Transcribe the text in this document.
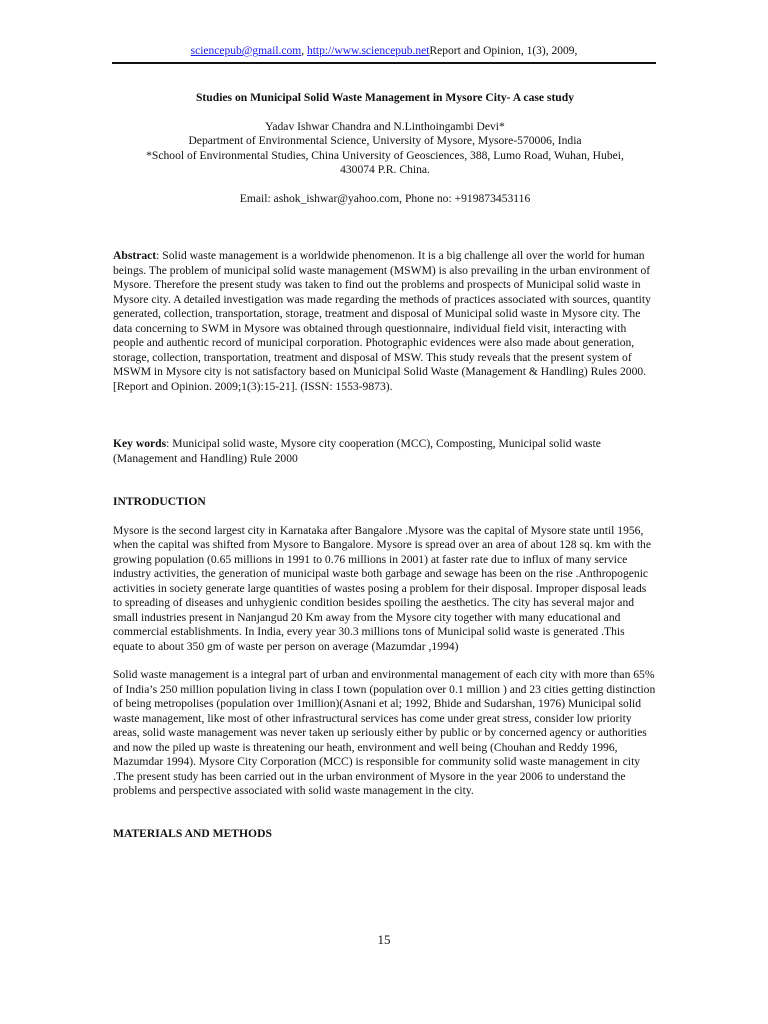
sciencepub@gmail.com, http://www.sciencepub.netReport and Opinion, 1(3), 2009,

Studies on Municipal Solid Waste Management in Mysore City- A case study

Yadav Ishwar Chandra and N.Linthoingambi Devi*
Department of Environmental Science, University of Mysore, Mysore-570006, India
*School of Environmental Studies, China University of Geosciences, 388, Lumo Road, Wuhan, Hubei,
430074 P.R. China.
Email: ashok_ishwar@yahoo.com, Phone no: +919873453116

Abstract: Solid waste management is a worldwide phenomenon. It is a big challenge all over the world for human beings. The problem of municipal solid waste management (MSWM) is also prevailing in the urban environment of Mysore. Therefore the present study was taken to find out the problems and prospects of Municipal solid waste in Mysore city. A detailed investigation was made regarding the methods of practices associated with sources, quantity generated, collection, transportation, storage, treatment and disposal of Municipal solid waste in Mysore city. The data concerning to SWM in Mysore was obtained through questionnaire, individual field visit, interacting with people and authentic record of municipal corporation. Photographic evidences were also made about generation, storage, collection, transportation, treatment and disposal of MSW. This study reveals that the present system of MSWM in Mysore city is not satisfactory based on Municipal Solid Waste (Management & Handling) Rules 2000. [Report and Opinion. 2009;1(3):15-21]. (ISSN: 1553-9873).

Key words: Municipal solid waste, Mysore city cooperation (MCC), Composting, Municipal solid waste (Management and Handling) Rule 2000

INTRODUCTION

Mysore is the second largest city in Karnataka after Bangalore .Mysore was the capital of Mysore state until 1956, when the capital was shifted from Mysore to Bangalore. Mysore is spread over an area of about 128 sq. km with the growing population (0.65 millions in 1991 to 0.76 millions in 2001) at faster rate due to influx of many service industry activities, the generation of municipal waste both garbage and sewage has been on the rise .Anthropogenic activities in society generate large quantities of wastes posing a problem for their disposal. Improper disposal leads to spreading of diseases and unhygienic condition besides spoiling the aesthetics. The city has several major and small industries present in Nanjangud 20 Km away from the Mysore city together with many educational and commercial establishments. In India, every year 30.3 millions tons of Municipal solid waste is generated .This equate to about 350 gm of waste per person on average (Mazumdar ,1994)

Solid waste management is a integral part of urban and environmental management of each city with more than 65% of India’s 250 million population living in class I town (population over 0.1 million ) and 23 cities getting distinction of being metropolises (population over 1million)(Asnani et al; 1992, Bhide and Sudarshan, 1976) Municipal solid waste management, like most of other infrastructural services has come under great stress, consider low priority areas, solid waste management was never taken up seriously either by public or by concerned agency or authorities and now the piled up waste is threatening our heath, environment and well being (Chouhan and Reddy 1996, Mazumdar 1994). Mysore City Corporation (MCC) is responsible for community solid waste management in city .The present study has been carried out in the urban environment of Mysore in the year 2006 to understand the problems and perspective associated with solid waste management in the city.

MATERIALS AND METHODS

15
